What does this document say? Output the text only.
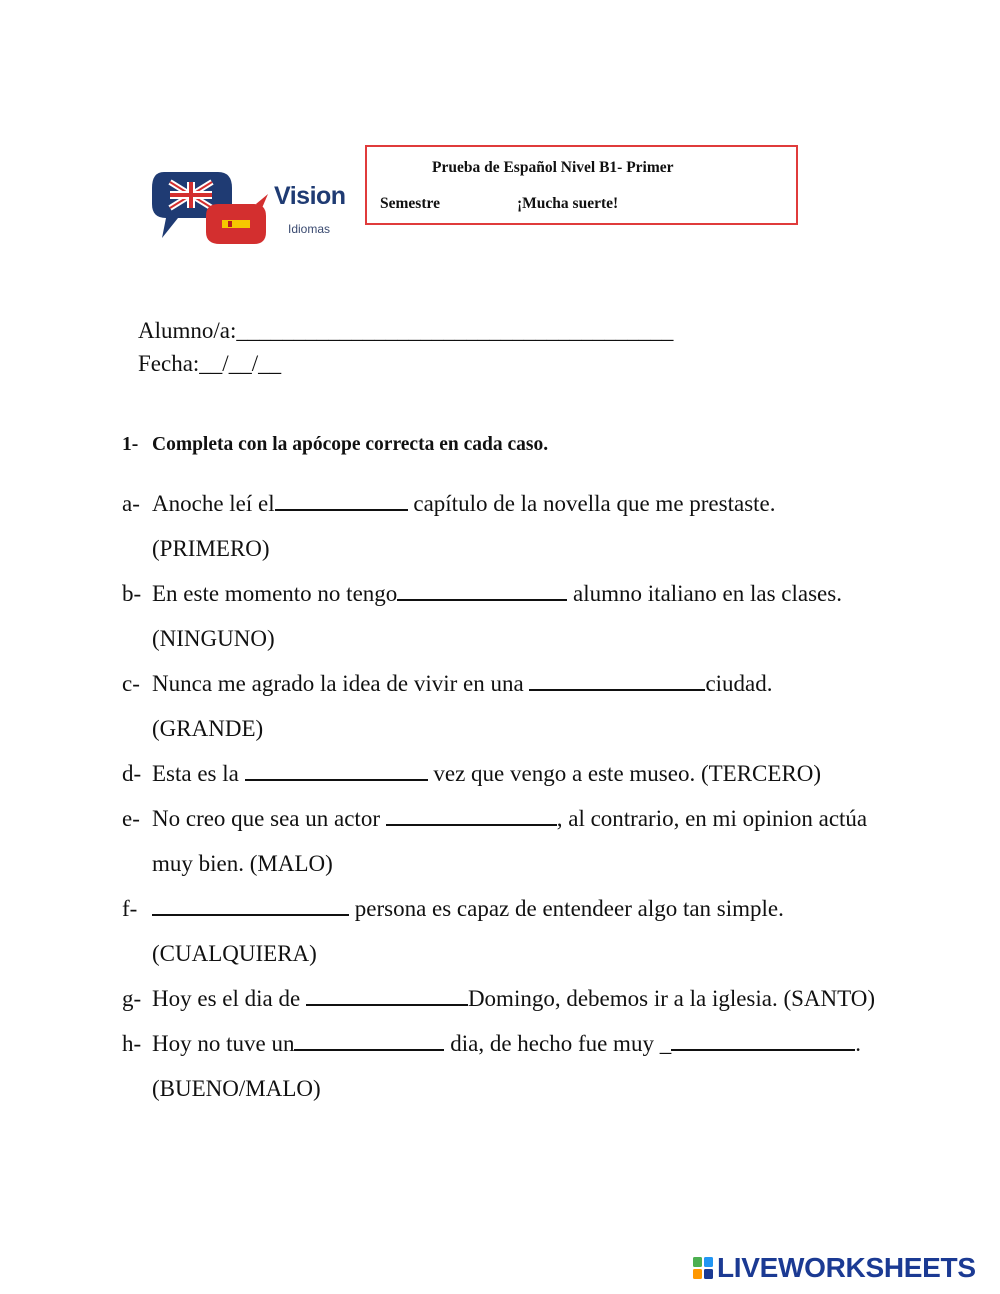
Vision
Idiomas
Prueba de Español Nivel B1- Primer
Semestre	¡Mucha suerte!
Alumno/a:______________________________________
Fecha:__/__/__
1- Completa con la apócope correcta en cada caso.
a- Anoche leí el	capítulo de la novella que me prestaste. (PRIMERO)
b- En este momento no tengo	alumno italiano en las clases. (NINGUNO)
c- Nunca me agrado la idea de vivir en una	ciudad. (GRANDE)
d- Esta es la	vez que vengo a este museo. (TERCERO)
e- No creo que sea un actor	, al contrario, en mi opinion actúa muy bien. (MALO)
f-	persona es capaz de entendeer algo tan simple. (CUALQUIERA)
g- Hoy es el dia de	Domingo, debemos ir a la iglesia. (SANTO)
h- Hoy no tuve un	dia, de hecho fue muy _	. (BUENO/MALO)
LIVEWORKSHEETS
